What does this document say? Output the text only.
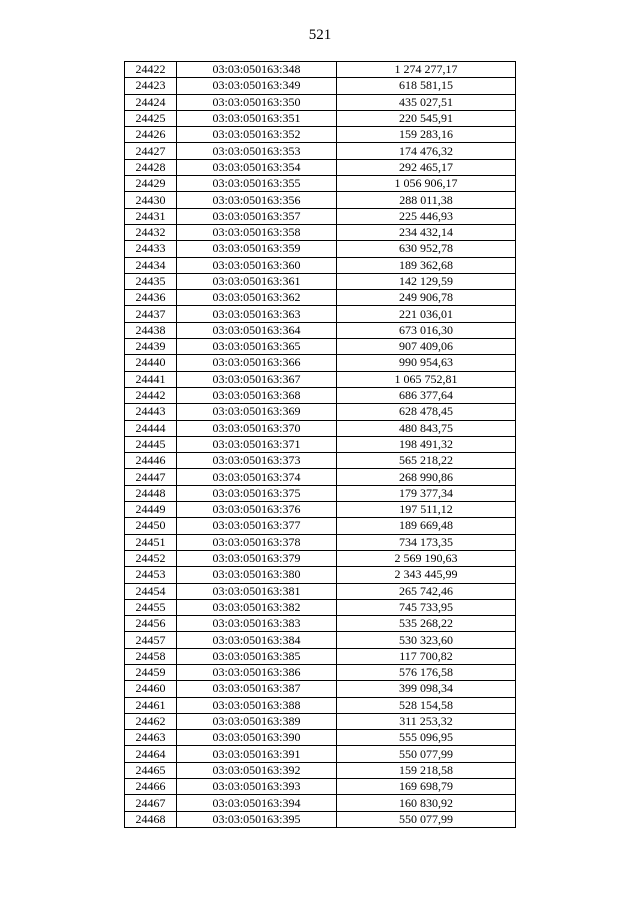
521
24422	03:03:050163:348	1 274 277,17
24423	03:03:050163:349	618 581,15
24424	03:03:050163:350	435 027,51
24425	03:03:050163:351	220 545,91
24426	03:03:050163:352	159 283,16
24427	03:03:050163:353	174 476,32
24428	03:03:050163:354	292 465,17
24429	03:03:050163:355	1 056 906,17
24430	03:03:050163:356	288 011,38
24431	03:03:050163:357	225 446,93
24432	03:03:050163:358	234 432,14
24433	03:03:050163:359	630 952,78
24434	03:03:050163:360	189 362,68
24435	03:03:050163:361	142 129,59
24436	03:03:050163:362	249 906,78
24437	03:03:050163:363	221 036,01
24438	03:03:050163:364	673 016,30
24439	03:03:050163:365	907 409,06
24440	03:03:050163:366	990 954,63
24441	03:03:050163:367	1 065 752,81
24442	03:03:050163:368	686 377,64
24443	03:03:050163:369	628 478,45
24444	03:03:050163:370	480 843,75
24445	03:03:050163:371	198 491,32
24446	03:03:050163:373	565 218,22
24447	03:03:050163:374	268 990,86
24448	03:03:050163:375	179 377,34
24449	03:03:050163:376	197 511,12
24450	03:03:050163:377	189 669,48
24451	03:03:050163:378	734 173,35
24452	03:03:050163:379	2 569 190,63
24453	03:03:050163:380	2 343 445,99
24454	03:03:050163:381	265 742,46
24455	03:03:050163:382	745 733,95
24456	03:03:050163:383	535 268,22
24457	03:03:050163:384	530 323,60
24458	03:03:050163:385	117 700,82
24459	03:03:050163:386	576 176,58
24460	03:03:050163:387	399 098,34
24461	03:03:050163:388	528 154,58
24462	03:03:050163:389	311 253,32
24463	03:03:050163:390	555 096,95
24464	03:03:050163:391	550 077,99
24465	03:03:050163:392	159 218,58
24466	03:03:050163:393	169 698,79
24467	03:03:050163:394	160 830,92
24468	03:03:050163:395	550 077,99
